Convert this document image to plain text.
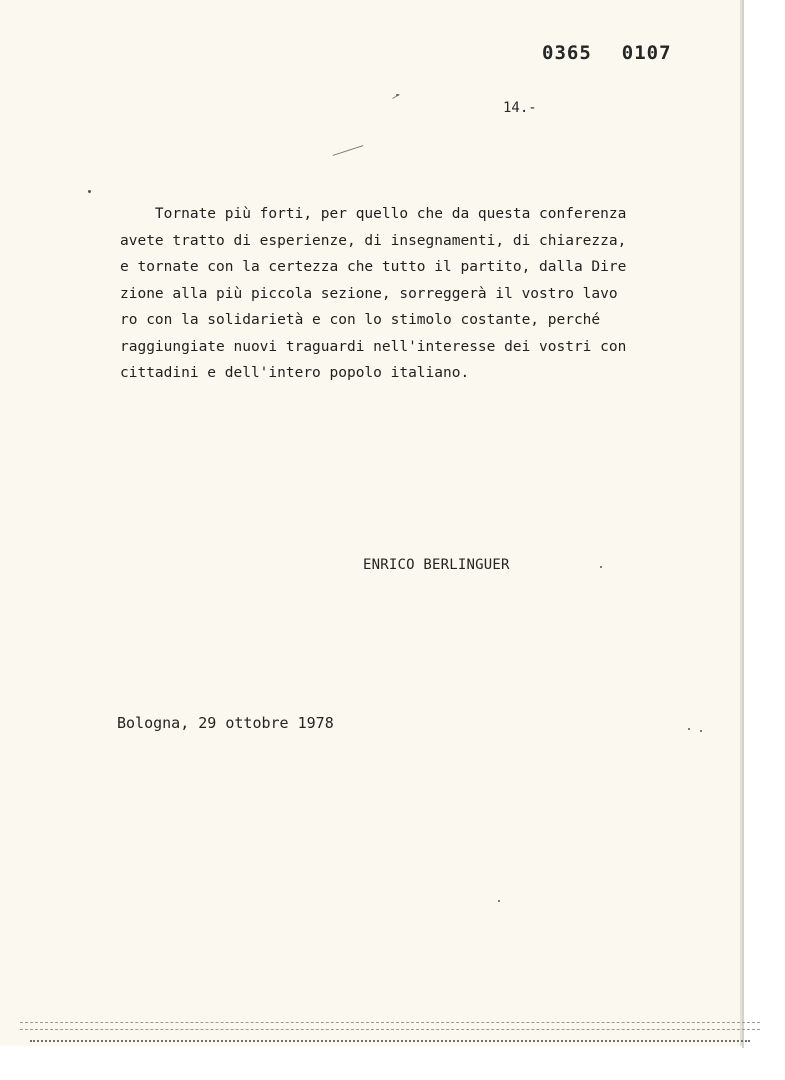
0365 0107
14.-
Tornate più forti, per quello che da questa conferenza
avete tratto di esperienze, di insegnamenti, di chiarezza,
e tornate con la certezza che tutto il partito, dalla Dire
zione alla più piccola sezione, sorreggerà il vostro lavo
ro con la solidarietà e con lo stimolo costante, perché
raggiungiate nuovi traguardi nell'interesse dei vostri con
cittadini e dell'intero popolo italiano.
ENRICO BERLINGUER
Bologna, 29 ottobre 1978
